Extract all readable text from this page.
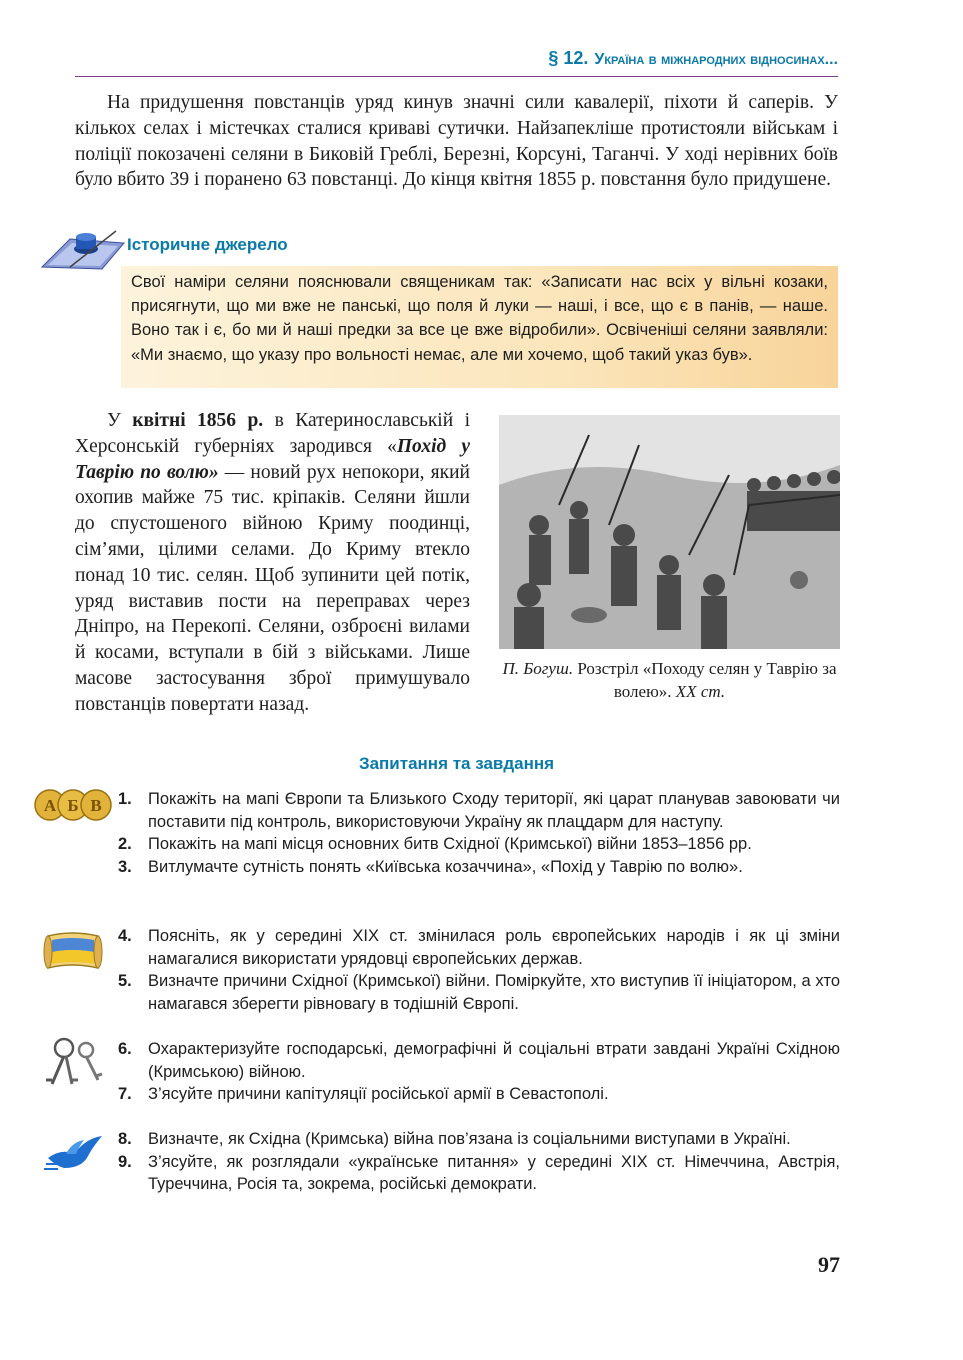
§ 12. Україна в міжнародних відносинах...

На придушення повстанців уряд кинув значні сили кавалерії, піхоти й саперів. У кількох селах і містечках сталися криваві сутички. Найзапекліше протистояли військам і поліції покозачені селяни в Биковій Греблі, Березні, Корсуні, Таганчі. У ході нерівних боїв було вбито 39 і поранено 63 повстанці. До кінця квітня 1855 р. повстання було придушене.

Історичне джерело

Свої наміри селяни пояснювали священикам так: «Записати нас всіх у вільні козаки, присягнути, що ми вже не панські, що поля й луки — наші, і все, що є в панів, — наше. Воно так і є, бо ми й наші предки за все це вже відробили». Освіченіші селяни заявляли: «Ми знаємо, що указу про вольності немає, але ми хочемо, щоб такий указ був».

У квітні 1856 р. в Катеринославській і Херсонській губерніях зародився «Похід у Таврію по волю» — новий рух непокори, який охопив майже 75 тис. кріпаків. Селяни йшли до спустошеного війною Криму поодинці, сім’ями, цілими селами. До Криму втекло понад 10 тис. селян. Щоб зупинити цей потік, уряд виставив пости на переправах через Дніпро, на Перекопі. Селяни, озброєні вилами й косами, вступали в бій з військами. Лише масове застосування зброї примушувало повстанців повертати назад.

П. Богуш. Розстріл «Походу селян у Таврію за волею». XX ст.
Запитання та завдання
А Б В 1. Покажіть на мапі Європи та Близького Сходу території, які царат планував завоювати чи поставити під контроль, використовуючи Україну як плацдарм для наступу.

2. Покажіть на мапі місця основних битв Східної (Кримської) війни 1853–1856 рр.

3. Витлумачте сутність понять «Київська козаччина», «Похід у Таврію по волю».

4. Поясніть, як у середині XIX ст. змінилася роль європейських народів і як ці зміни намагалися використати урядовці європейських держав.

5. Визначте причини Східної (Кримської) війни. Поміркуйте, хто виступив її ініціатором, а хто намагався зберегти рівновагу в тодішній Європі.

6. Охарактеризуйте господарські, демографічні й соціальні втрати завдані Україні Східною (Кримською) війною.

7. З’ясуйте причини капітуляції російської армії в Севастополі.

8. Визначте, як Східна (Кримська) війна пов’язана із соціальними виступами в Україні.

9. З’ясуйте, як розглядали «українське питання» у середині XIX ст. Німеччина, Австрія, Туреччина, Росія та, зокрема, російські демократи.

97
